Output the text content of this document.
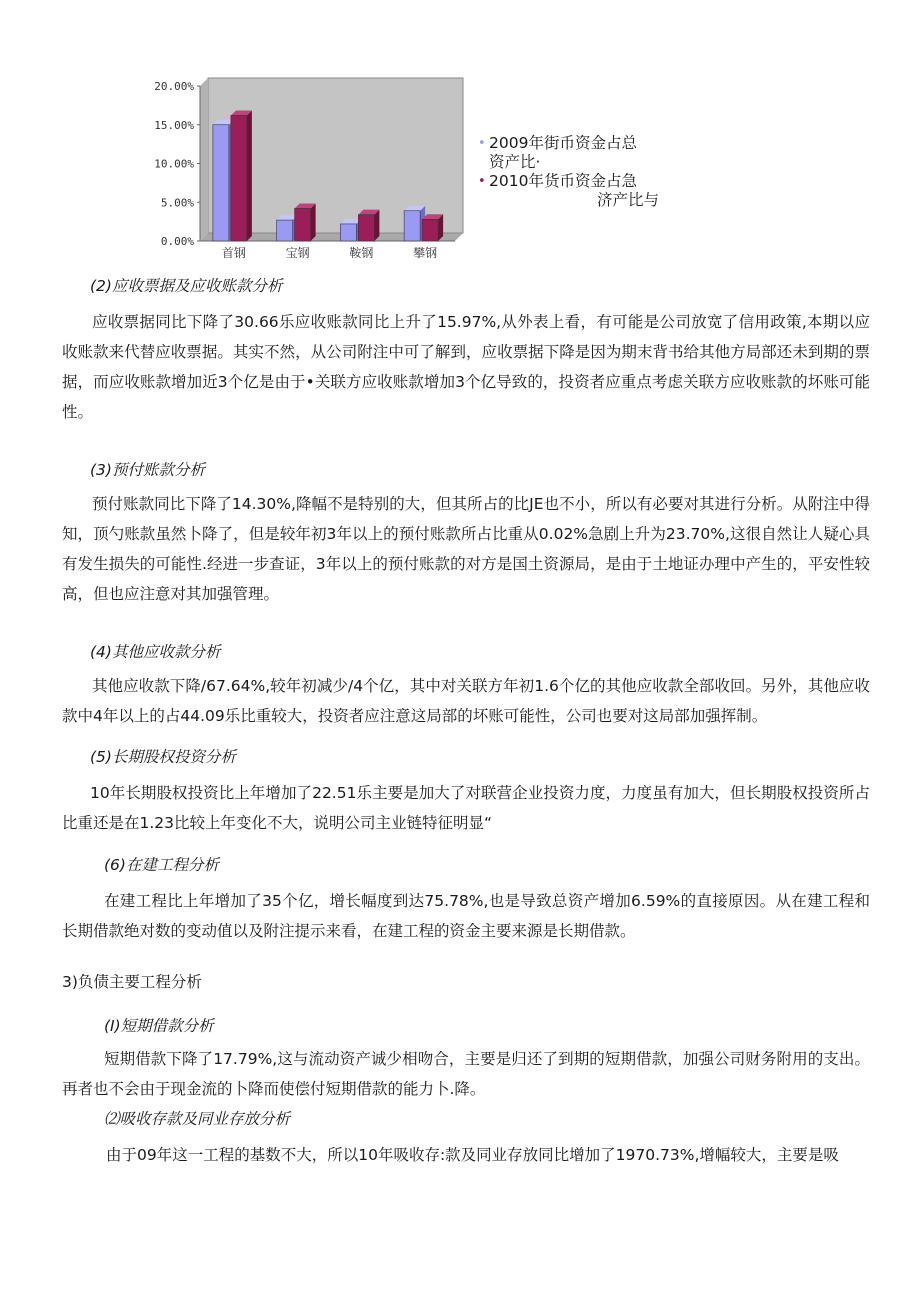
0.00%
5.00%
10.00%
15.00%
20.00%
首钢	宝钢	鞍钢	攀钢
• 2009年街币资金占总
资产比·
• 2010年货币资金占急
济产比与
(2)应收票据及应收账款分析
应收票据同比下降了30.66乐应收账款同比上升了15.97%,从外表上看，有可能是公司放宽了信用政策,本期以应收账款来代替应收票据。其实不然，从公司附注中可了解到，应收票据下降是因为期末背书给其他方局部还未到期的票据，而应收账款增加近3个亿是由于•关联方应收账款增加3个亿导致的，投资者应重点考虑关联方应收账款的坏账可能性。
(3)预付账款分析
预付账款同比下降了14.30%,降幅不是特别的大，但其所占的比JE也不小，所以有必要对其进行分析。从附注中得知，顶勺账款虽然卜降了，但是较年初3年以上的预付账款所占比重从0.02%急剧上升为23.70%,这很自然让人疑心具有发生损失的可能性.经进一步查证，3年以上的预付账款的对方是国土资源局，是由于土地证办理中产生的，平安性较高，但也应注意对其加强管理。
(4)其他应收款分析
其他应收款下降/67.64%,较年初减少/4个亿，其中对关联方年初1.6个亿的其他应收款全部收回。另外，其他应收款中4年以上的占44.09乐比重较大，投资者应注意这局部的坏账可能性，公司也要对这局部加强挥制。
(5)长期股权投资分析
10年长期股权投资比上年增加了22.51乐主要是加大了对联营企业投资力度，力度虽有加大，但长期股权投资所占比重还是在1.23比较上年变化不大，说明公司主业链特征明显“
(6)在建工程分析
在建工程比上年增加了35个亿，增长幅度到达75.78%,也是导致总资产增加6.59%的直接原因。从在建工程和长期借款绝对数的变动值以及附注提示来看，在建工程的资金主要来源是长期借款。
3)负债主要工程分析
(I)短期借款分析
短期借款下降了17.79%,这与流动资产诚少相吻合，主要是归还了到期的短期借款，加强公司财务附用的支出。再者也不会由于现金流的卜降而使偿付短期借款的能力卜.降。
⑵吸收存款及同业存放分析
由于09年这一工程的基数不大，所以10年吸收存:款及同业存放同比增加了1970.73%,增幅较大，主要是吸
